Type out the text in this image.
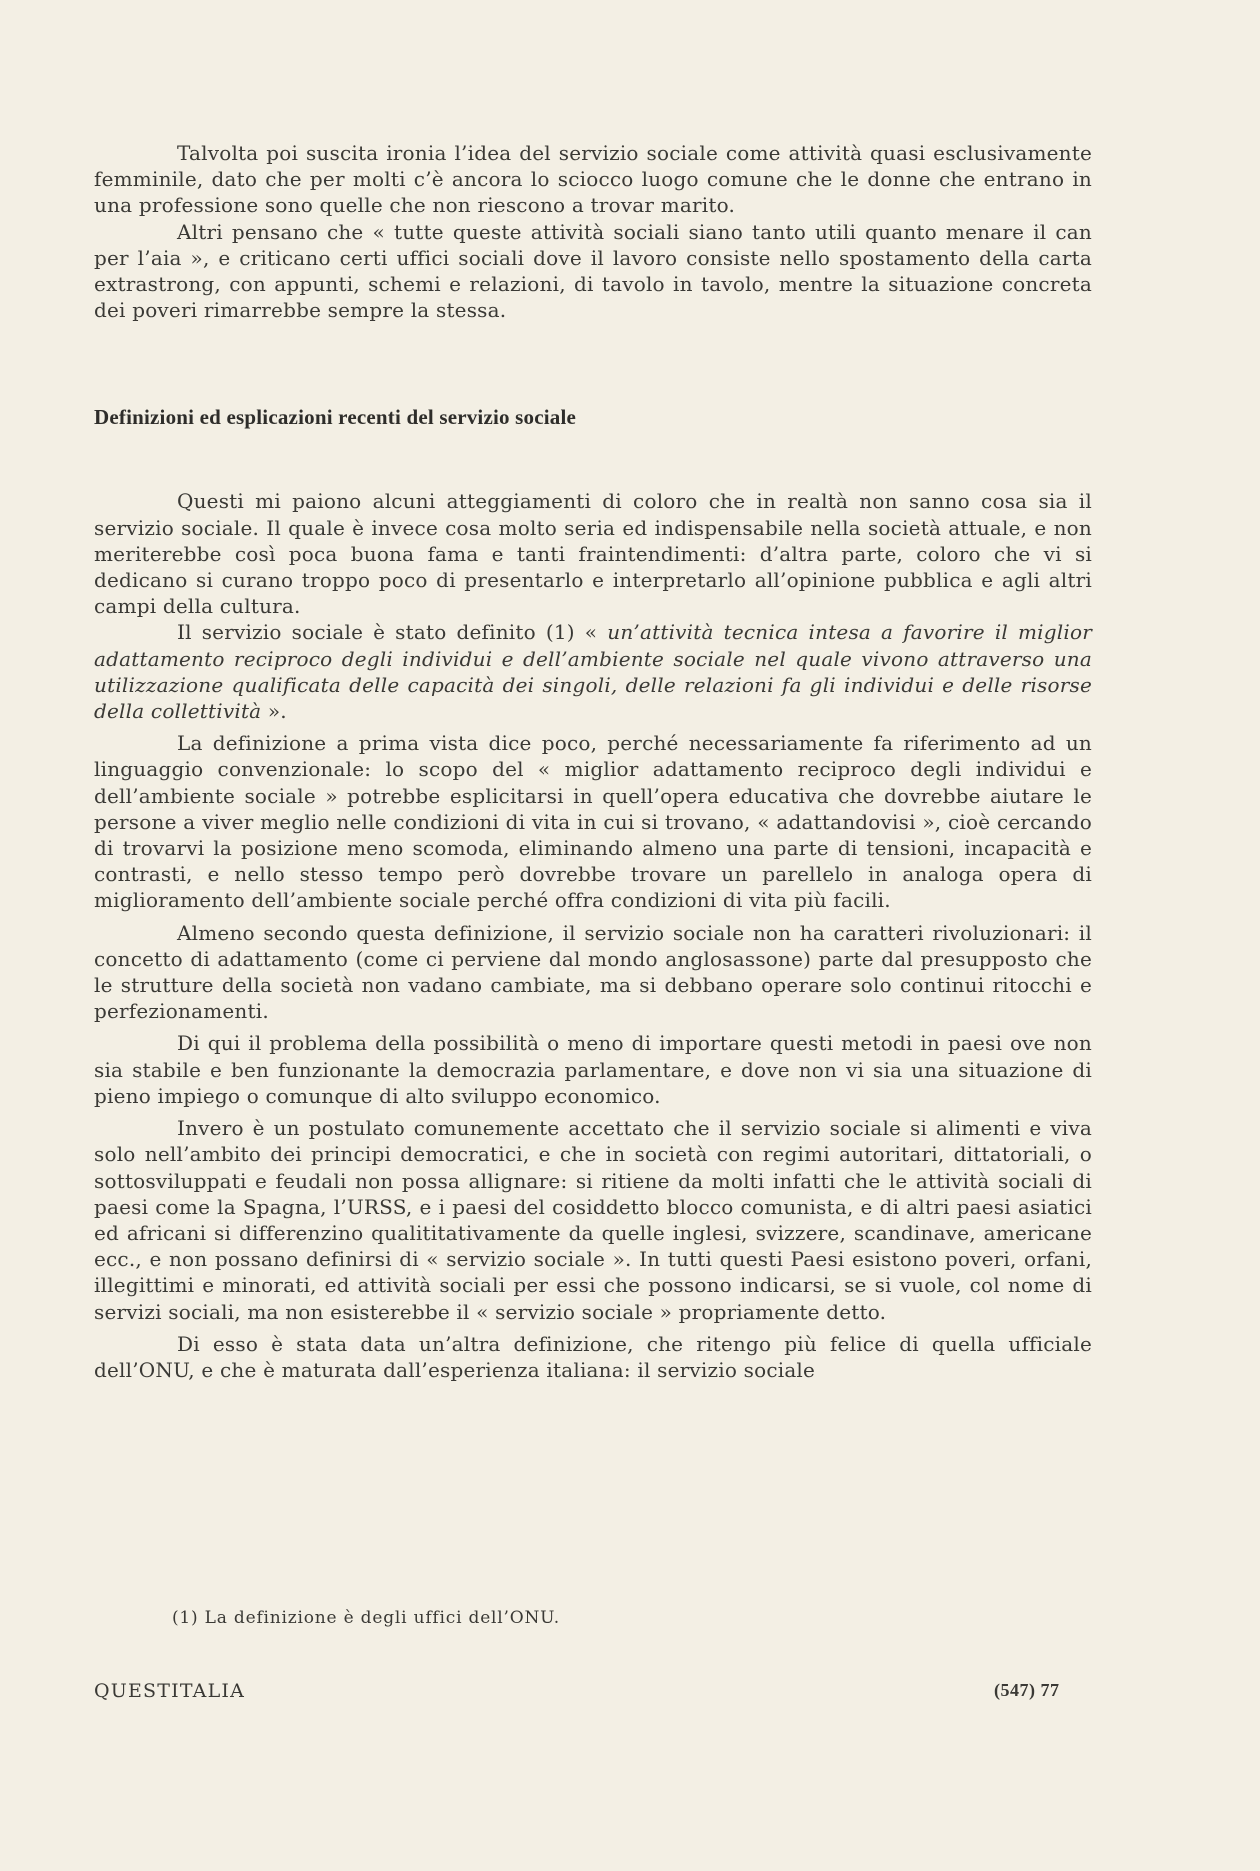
Talvolta poi suscita ironia l’idea del servizio sociale come attività quasi esclusivamente femminile, dato che per molti c’è ancora lo sciocco luogo comune che le donne che entrano in una professione sono quelle che non riescono a trovar marito.

Altri pensano che « tutte queste attività sociali siano tanto utili quanto menare il can per l’aia », e criticano certi uffici sociali dove il lavoro consiste nello spostamento della carta extrastrong, con appunti, schemi e relazioni, di tavolo in tavolo, mentre la situazione concreta dei poveri rimarrebbe sempre la stessa.

Definizioni ed esplicazioni recenti del servizio sociale

Questi mi paiono alcuni atteggiamenti di coloro che in realtà non sanno cosa sia il servizio sociale. Il quale è invece cosa molto seria ed indispensabile nella società attuale, e non meriterebbe così poca buona fama e tanti fraintendimenti: d’altra parte, coloro che vi si dedicano si curano troppo poco di presentarlo e interpretarlo all’opinione pubblica e agli altri campi della cultura.

Il servizio sociale è stato definito (1) « un’attività tecnica intesa a favorire il miglior adattamento reciproco degli individui e dell’ambiente sociale nel quale vivono attraverso una utilizzazione qualificata delle capacità dei singoli, delle relazioni fa gli individui e delle risorse della collettività ».

La definizione a prima vista dice poco, perché necessariamente fa riferimento ad un linguaggio convenzionale: lo scopo del « miglior adattamento reciproco degli individui e dell’ambiente sociale » potrebbe esplicitarsi in quell’opera educativa che dovrebbe aiutare le persone a viver meglio nelle condizioni di vita in cui si trovano, « adattandovisi », cioè cercando di trovarvi la posizione meno scomoda, eliminando almeno una parte di tensioni, incapacità e contrasti, e nello stesso tempo però dovrebbe trovare un parellelo in analoga opera di miglioramento dell’ambiente sociale perché offra condizioni di vita più facili.

Almeno secondo questa definizione, il servizio sociale non ha caratteri rivoluzionari: il concetto di adattamento (come ci perviene dal mondo anglosassone) parte dal presupposto che le strutture della società non vadano cambiate, ma si debbano operare solo continui ritocchi e perfezionamenti.

Di qui il problema della possibilità o meno di importare questi metodi in paesi ove non sia stabile e ben funzionante la democrazia parlamentare, e dove non vi sia una situazione di pieno impiego o comunque di alto sviluppo economico.

Invero è un postulato comunemente accettato che il servizio sociale si alimenti e viva solo nell’ambito dei principi democratici, e che in società con regimi autoritari, dittatoriali, o sottosviluppati e feudali non possa allignare: si ritiene da molti infatti che le attività sociali di paesi come la Spagna, l’URSS, e i paesi del cosiddetto blocco comunista, e di altri paesi asiatici ed africani si differenzino qualititativamente da quelle inglesi, svizzere, scandinave, americane ecc., e non possano definirsi di « servizio sociale ». In tutti questi Paesi esistono poveri, orfani, illegittimi e minorati, ed attività sociali per essi che possono indicarsi, se si vuole, col nome di servizi sociali, ma non esisterebbe il « servizio sociale » propriamente detto.

Di esso è stata data un’altra definizione, che ritengo più felice di quella ufficiale dell’ONU, e che è maturata dall’esperienza italiana: il servizio sociale

(1) La definizione è degli uffici dell’ONU.
QUESTITALIA	(547) 77
